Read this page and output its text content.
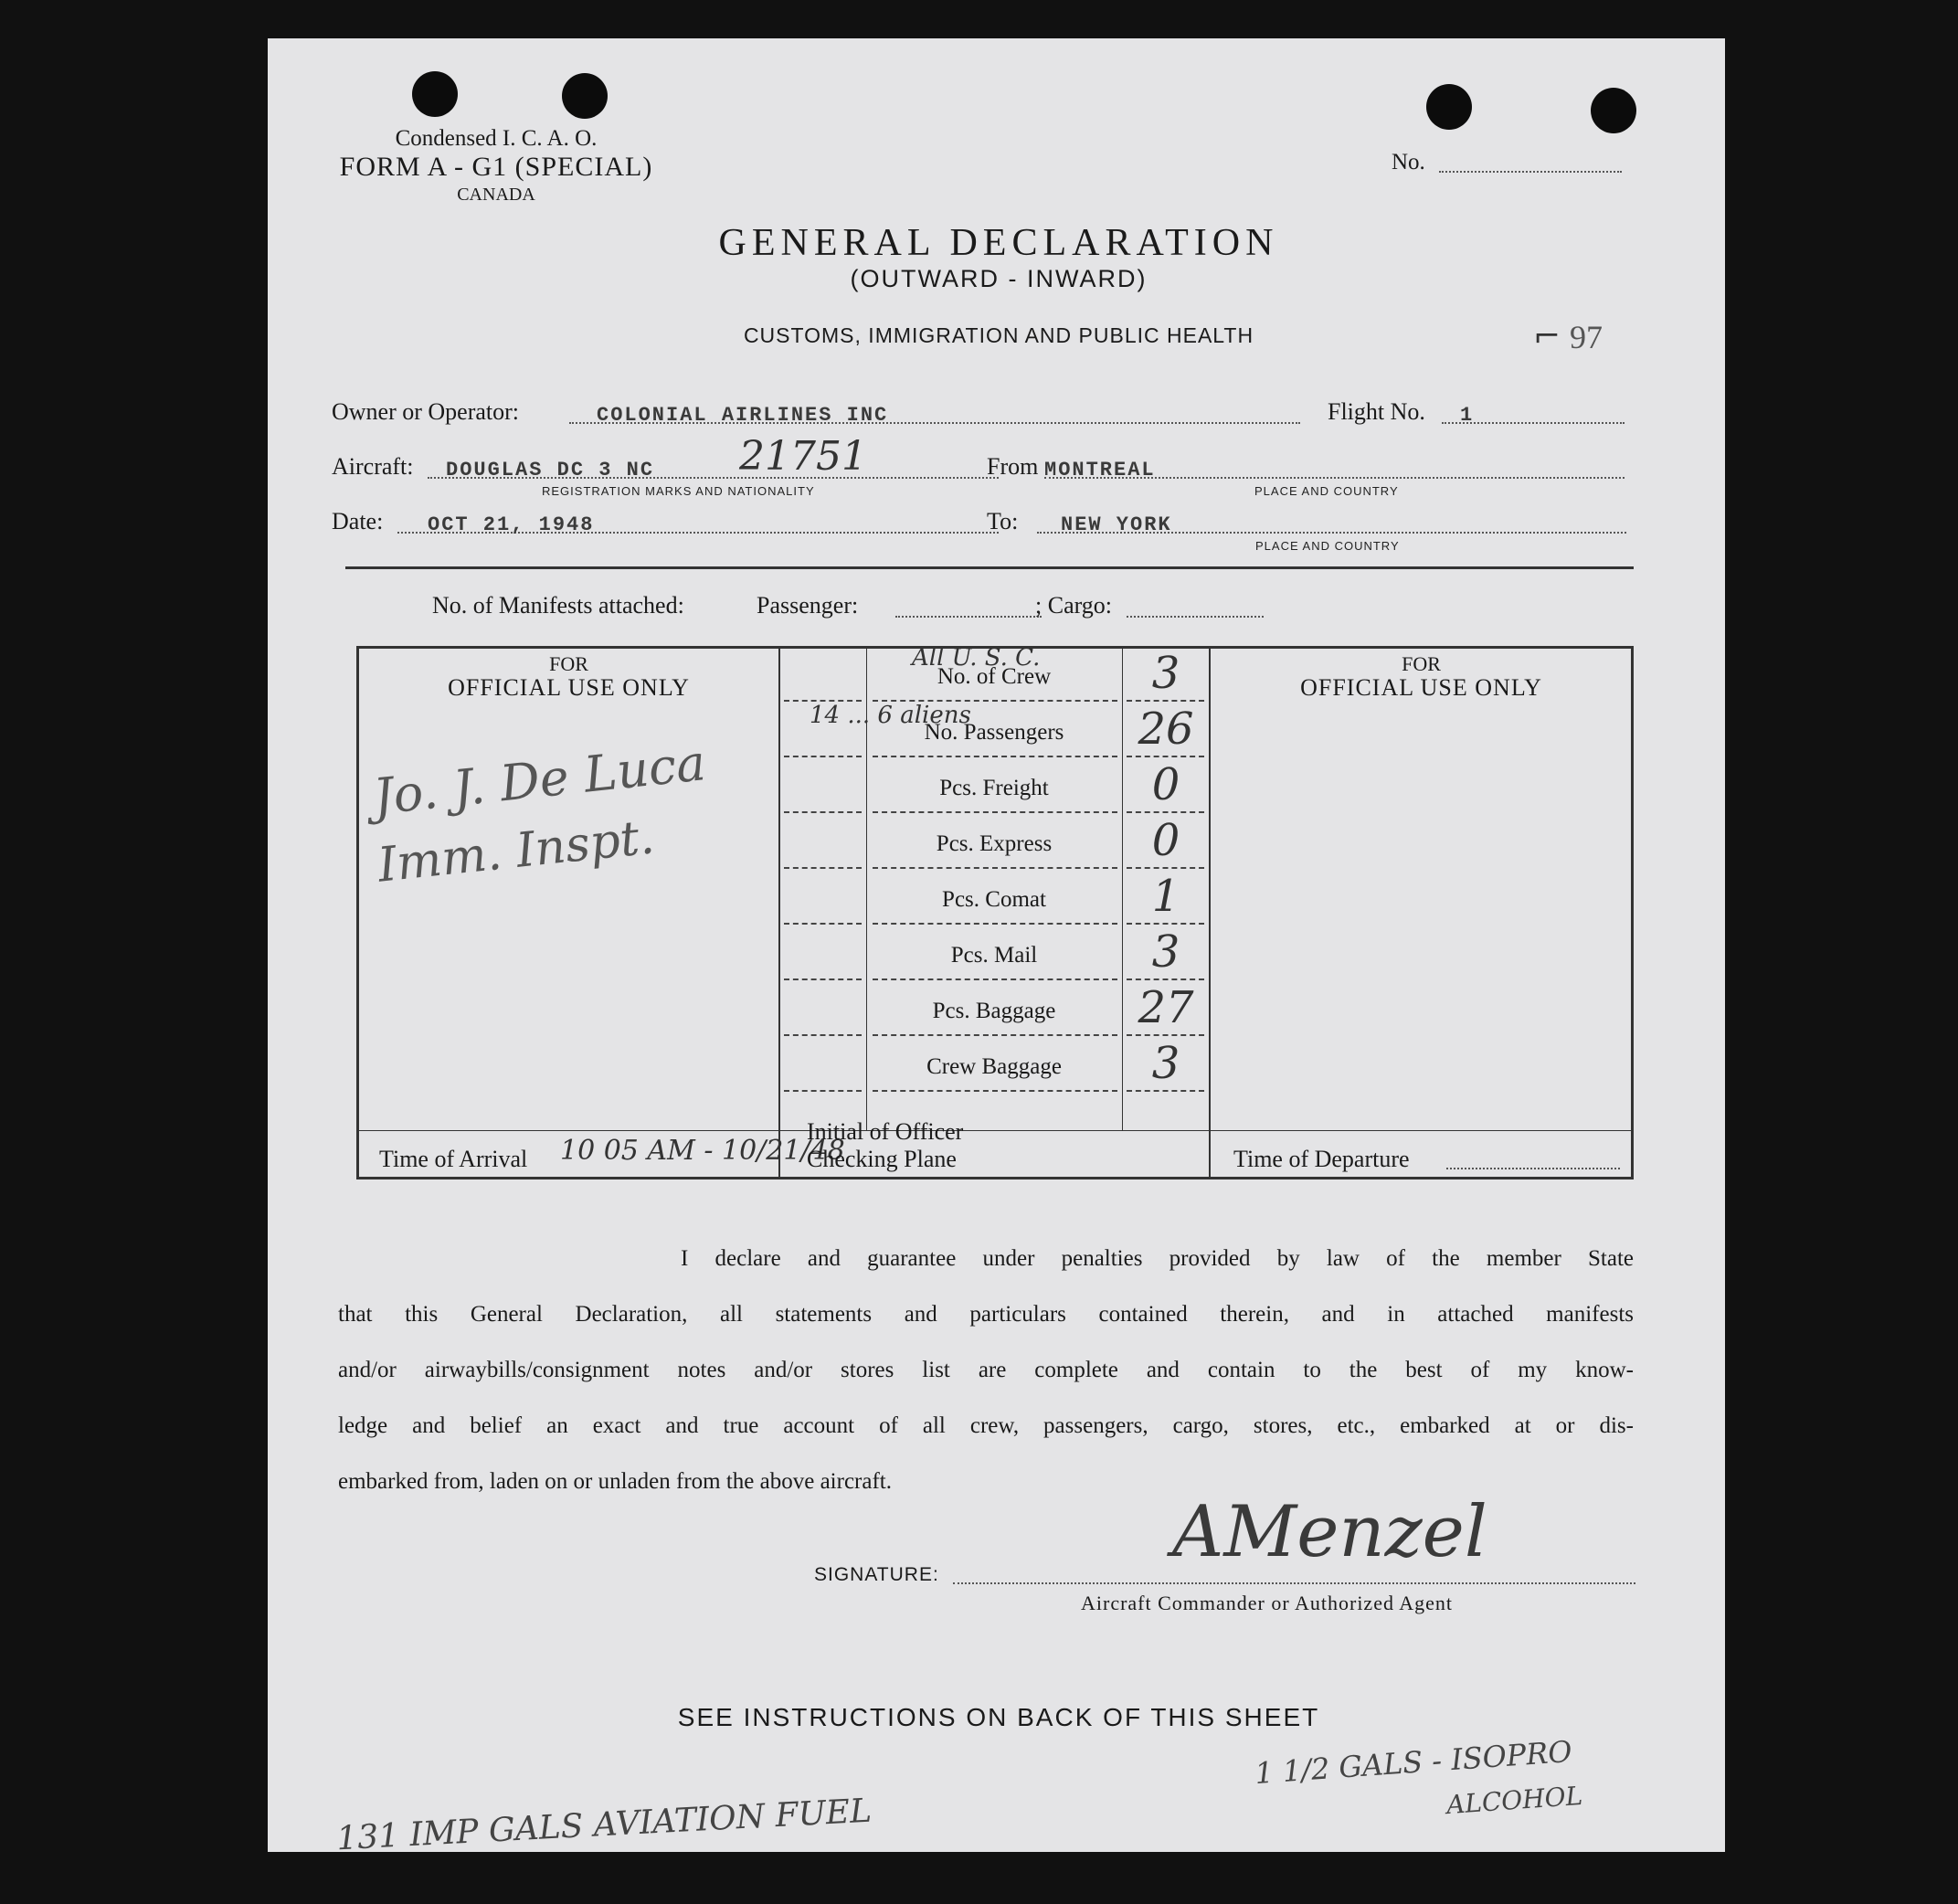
Condensed I. C. A. O.
FORM A - G1 (SPECIAL)
CANADA
No.
GENERAL DECLARATION
(OUTWARD - INWARD)
CUSTOMS, IMMIGRATION AND PUBLIC HEALTH	⌐ 97
Owner or Operator:	COLONIAL AIRLINES INC	Flight No. 1
Aircraft: DOUGLAS DC 3 NC 21751
REGISTRATION MARKS AND NATIONALITY
From MONTREAL
PLACE AND COUNTRY
Date: OCT 21, 1948	To: NEW YORK
PLACE AND COUNTRY
No. of Manifests attached:	Passenger:	; Cargo:
FOR
OFFICIAL USE ONLY
Jo. J. De Luca
Imm. Inspt.
FOR
OFFICIAL USE ONLY
All U. S. C.
14 ... 6 aliens
No. of Crew	3
No. Passengers	26
Pcs. Freight	0
Pcs. Express	0
Pcs. Comat	1
Pcs. Mail	3
Pcs. Baggage	27
Crew Baggage	3
Time of Arrival 10 05 AM - 10/21/48
Initial of Officer
Checking Plane	Time of Departure

I declare and guarantee under penalties provided by law of the member State

that this General Declaration, all statements and particulars contained therein, and in attached manifests

and/or airwaybills/consignment notes and/or stores list are complete and contain to the best of my know-

ledge and belief an exact and true account of all crew, passengers, cargo, stores, etc., embarked at or dis-

embarked from, laden on or unladen from the above aircraft.

SIGNATURE:
AMenzel
Aircraft Commander or Authorized Agent
SEE INSTRUCTIONS ON BACK OF THIS SHEET
131 IMP GALS AVIATION FUEL
1 1/2 GALS - ISOPRO
ALCOHOL
